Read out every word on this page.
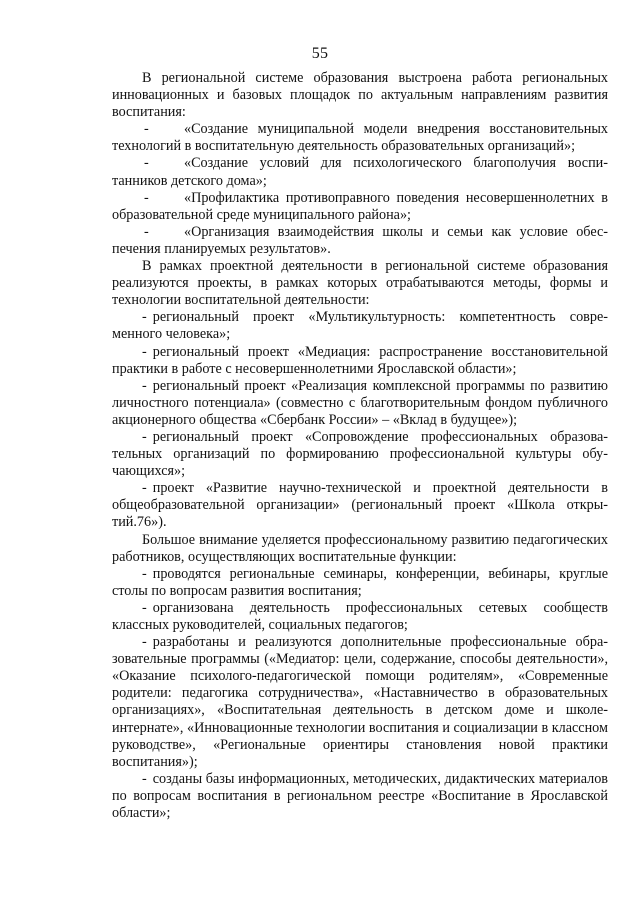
55

В региональной системе образования выстроена работа региональных инновационных и базовых площадок по актуальным направлениям развития воспитания:

- «Создание муниципальной модели внедрения восстановительных технологий в воспитательную деятельность образовательных организаций»;

- «Создание условий для психологического благополучия воспитанников детского дома»;

- «Профилактика противоправного поведения несовершеннолетних в образовательной среде муниципального района»;

- «Организация взаимодействия школы и семьи как условие обеспечения планируемых результатов».

В рамках проектной деятельности в региональной системе образования реализуются проекты, в рамках которых отрабатываются методы, формы и технологии воспитательной деятельности:

- региональный проект «Мультикультурность: компетентность современного человека»;

- региональный проект «Медиация: распространение восстановительной практики в работе с несовершеннолетними Ярославской области»;

- региональный проект «Реализация комплексной программы по развитию личностного потенциала» (совместно с благотворительным фондом публичного акционерного общества «Сбербанк России» – «Вклад в будущее»);

- региональный проект «Сопровождение профессиональных образовательных организаций по формированию профессиональной культуры обучающихся»;

- проект «Развитие научно-технической и проектной деятельности в общеобразовательной организации» (региональный проект «Школа открытий.76»).

Большое внимание уделяется профессиональному развитию педагогических работников, осуществляющих воспитательные функции:

- проводятся региональные семинары, конференции, вебинары, круглые столы по вопросам развития воспитания;

- организована деятельность профессиональных сетевых сообществ классных руководителей, социальных педагогов;

- разработаны и реализуются дополнительные профессиональные образовательные программы («Медиатор: цели, содержание, способы деятельности», «Оказание психолого-педагогической помощи родителям», «Современные родители: педагогика сотрудничества», «Наставничество в образовательных организациях», «Воспитательная деятельность в детском доме и школе-интернате», «Инновационные технологии воспитания и социализации в классном руководстве», «Региональные ориентиры становления новой практики воспитания»);

- созданы базы информационных, методических, дидактических материалов по вопросам воспитания в региональном реестре «Воспитание в Ярославской области»;
